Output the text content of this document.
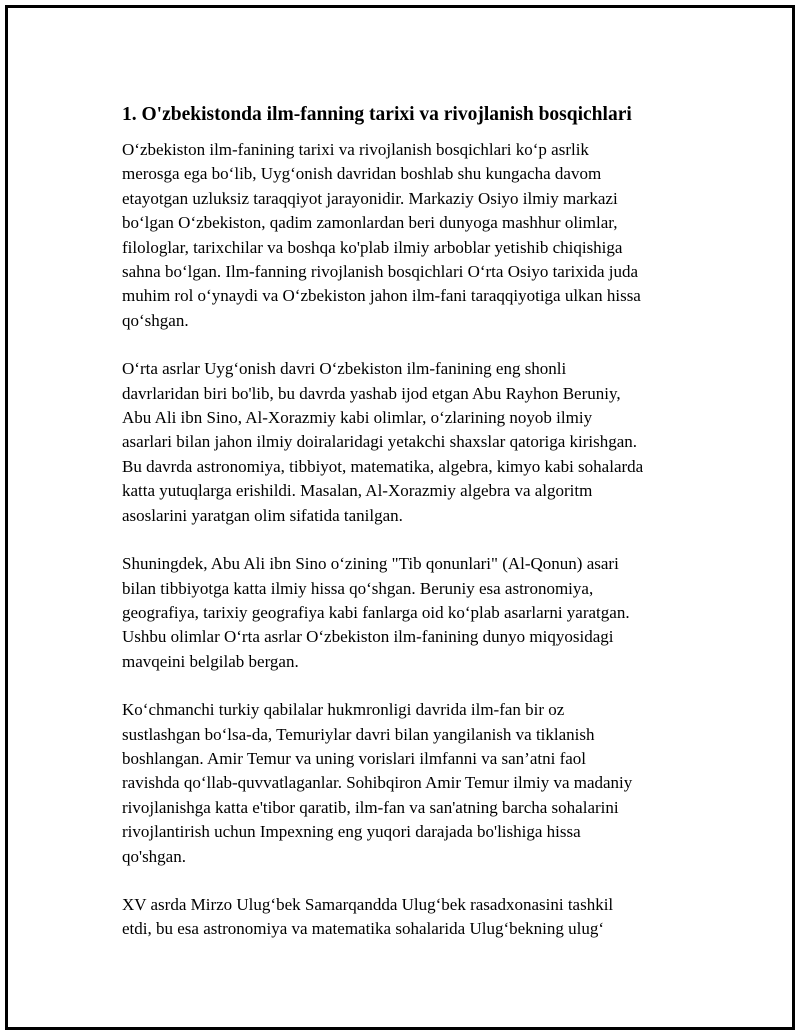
1. O'zbekistonda ilm-fanning tarixi va rivojlanish bosqichlari

O‘zbekiston ilm-fanining tarixi va rivojlanish bosqichlari ko‘p asrlik
merosga ega bo‘lib, Uyg‘onish davridan boshlab shu kungacha davom
etayotgan uzluksiz taraqqiyot jarayonidir. Markaziy Osiyo ilmiy markazi
bo‘lgan O‘zbekiston, qadim zamonlardan beri dunyoga mashhur olimlar,
filologlar, tarixchilar va boshqa ko'plab ilmiy arboblar yetishib chiqishiga
sahna bo‘lgan. Ilm-fanning rivojlanish bosqichlari O‘rta Osiyo tarixida juda
muhim rol o‘ynaydi va O‘zbekiston jahon ilm-fani taraqqiyotiga ulkan hissa
qo‘shgan.

O‘rta asrlar Uyg‘onish davri O‘zbekiston ilm-fanining eng shonli
davrlaridan biri bo'lib, bu davrda yashab ijod etgan Abu Rayhon Beruniy,
Abu Ali ibn Sino, Al-Xorazmiy kabi olimlar, o‘zlarining noyob ilmiy
asarlari bilan jahon ilmiy doiralaridagi yetakchi shaxslar qatoriga kirishgan.
Bu davrda astronomiya, tibbiyot, matematika, algebra, kimyo kabi sohalarda
katta yutuqlarga erishildi. Masalan, Al-Xorazmiy algebra va algoritm
asoslarini yaratgan olim sifatida tanilgan.

Shuningdek, Abu Ali ibn Sino o‘zining "Tib qonunlari" (Al-Qonun) asari
bilan tibbiyotga katta ilmiy hissa qo‘shgan. Beruniy esa astronomiya,
geografiya, tarixiy geografiya kabi fanlarga oid ko‘plab asarlarni yaratgan.
Ushbu olimlar O‘rta asrlar O‘zbekiston ilm-fanining dunyo miqyosidagi
mavqeini belgilab bergan.

Ko‘chmanchi turkiy qabilalar hukmronligi davrida ilm-fan bir oz
sustlashgan bo‘lsa-da, Temuriylar davri bilan yangilanish va tiklanish
boshlangan. Amir Temur va uning vorislari ilmfanni va san’atni faol
ravishda qo‘llab-quvvatlaganlar. Sohibqiron Amir Temur ilmiy va madaniy
rivojlanishga katta e'tibor qaratib, ilm-fan va san'atning barcha sohalarini
rivojlantirish uchun Impexning eng yuqori darajada bo'lishiga hissa
qo'shgan.

XV asrda Mirzo Ulug‘bek Samarqandda Ulug‘bek rasadxonasini tashkil
etdi, bu esa astronomiya va matematika sohalarida Ulug‘bekning ulug‘
